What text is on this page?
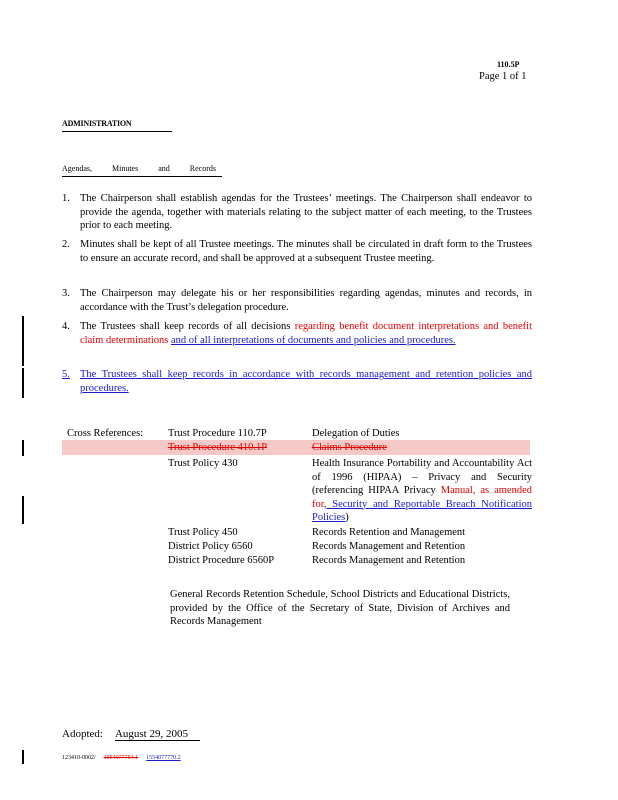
110.5P
Page 1 of 1
ADMINISTRATION
Agendas, Minutes and Records
1. The Chairperson shall establish agendas for the Trustees’ meetings. The Chairperson shall endeavor to provide the agenda, together with materials relating to the subject matter of each meeting, to the Trustees prior to each meeting.
2. Minutes shall be kept of all Trustee meetings. The minutes shall be circulated in draft form to the Trustees to ensure an accurate record, and shall be approved at a subsequent Trustee meeting.
3. The Chairperson may delegate his or her responsibilities regarding agendas, minutes and records, in accordance with the Trust’s delegation procedure.
4. The Trustees shall keep records of all decisions regarding benefit document interpretations and benefit claim determinations and of all interpretations of documents and policies and procedures.
5. The Trustees shall keep records in accordance with records management and retention policies and procedures.
Cross References: Trust Procedure 110.7P	Delegation of Duties
Trust Procedure 410.1P	Claims Procedure
Trust Policy 430	Health Insurance Portability and Accountability Act of 1996 (HIPAA) – Privacy and Security (referencing HIPAA Privacy Manual, as amended for, Security and Reportable Breach Notification Policies)
Trust Policy 450	Records Retention and Management
District Policy 6560	Records Management and Retention
District Procedure 6560P	Records Management and Retention
General Records Retention Schedule, School Districts and Educational Districts, provided by the Office of the Secretary of State, Division of Archives and Records Management
Adopted: August 29, 2005
123410-0002/ 1554077754.1 1554077770.2
